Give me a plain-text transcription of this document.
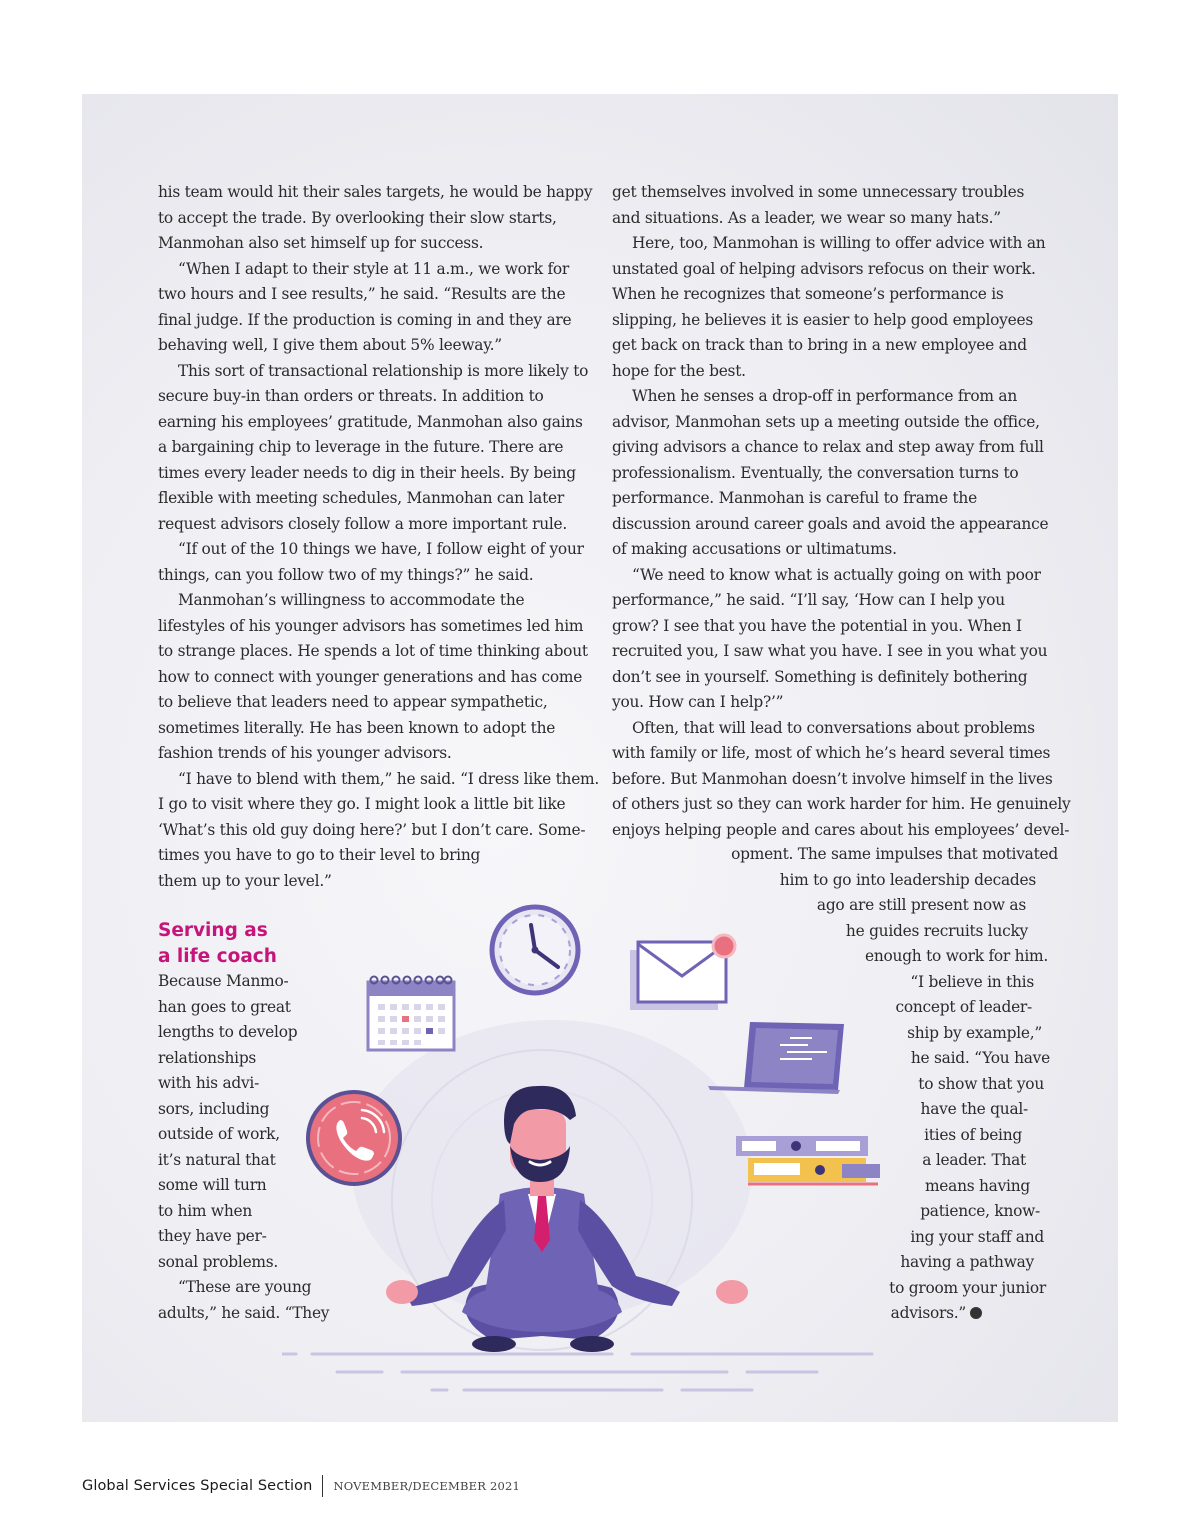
his team would hit their sales targets, he would be happy to accept the trade. By overlooking their slow starts, Manmohan also set himself up for success.

“When I adapt to their style at 11 a.m., we work for two hours and I see results,” he said. “Results are the final judge. If the production is coming in and they are behaving well, I give them about 5% leeway.”

This sort of transactional relationship is more likely to secure buy-in than orders or threats. In addition to earning his employees’ gratitude, Manmohan also gains a bargaining chip to leverage in the future. There are times every leader needs to dig in their heels. By being flexible with meeting schedules, Manmohan can later request advisors closely follow a more important rule.

“If out of the 10 things we have, I follow eight of your things, can you follow two of my things?” he said.

Manmohan’s willingness to accommodate the lifestyles of his younger advisors has sometimes led him to strange places. He spends a lot of time thinking about how to connect with younger generations and has come to believe that leaders need to appear sympathetic, sometimes literally. He has been known to adopt the fashion trends of his younger advisors.

“I have to blend with them,” he said. “I dress like them.
I go to visit where they go. I might look a little bit like
‘What’s this old guy doing here?’ but I don’t care. Some-
times you have to go to their level to bring
them up to your level.”
Serving as
a life coach
Because Manmo-
han goes to great
lengths to develop
relationships
with his advi-
sors, including
outside of work,
it’s natural that
some will turn
to him when
they have per-
sonal problems.
“These are young
adults,” he said. “They

get themselves involved in some unnecessary troubles and situations. As a leader, we wear so many hats.”

Here, too, Manmohan is willing to offer advice with an unstated goal of helping advisors refocus on their work. When he recognizes that someone’s performance is slipping, he believes it is easier to help good employees get back on track than to bring in a new employee and hope for the best.

When he senses a drop-off in performance from an advisor, Manmohan sets up a meeting outside the office, giving advisors a chance to relax and step away from full professionalism. Eventually, the conversation turns to performance. Manmohan is careful to frame the discussion around career goals and avoid the appearance of making accusations or ultimatums.

“We need to know what is actually going on with poor performance,” he said. “I’ll say, ‘How can I help you grow? I see that you have the potential in you. When I recruited you, I saw what you have. I see in you what you don’t see in yourself. Something is definitely bothering you. How can I help?’”

Often, that will lead to conversations about problems
with family or life, most of which he’s heard several times
before. But Manmohan doesn’t involve himself in the lives
of others just so they can work harder for him. He genuinely
enjoys helping people and cares about his employees’ devel-
opment. The same impulses that motivated
him to go into leadership decades
ago are still present now as
he guides recruits lucky
enough to work for him.
“I believe in this
concept of leader-
ship by example,”
he said. “You have
to show that you
have the qual-
ities of being
a leader. That
means having
patience, know-
ing your staff and
having a pathway
to groom your junior
advisors.”
Global Services Special Section NOVEMBER/DECEMBER 2021
